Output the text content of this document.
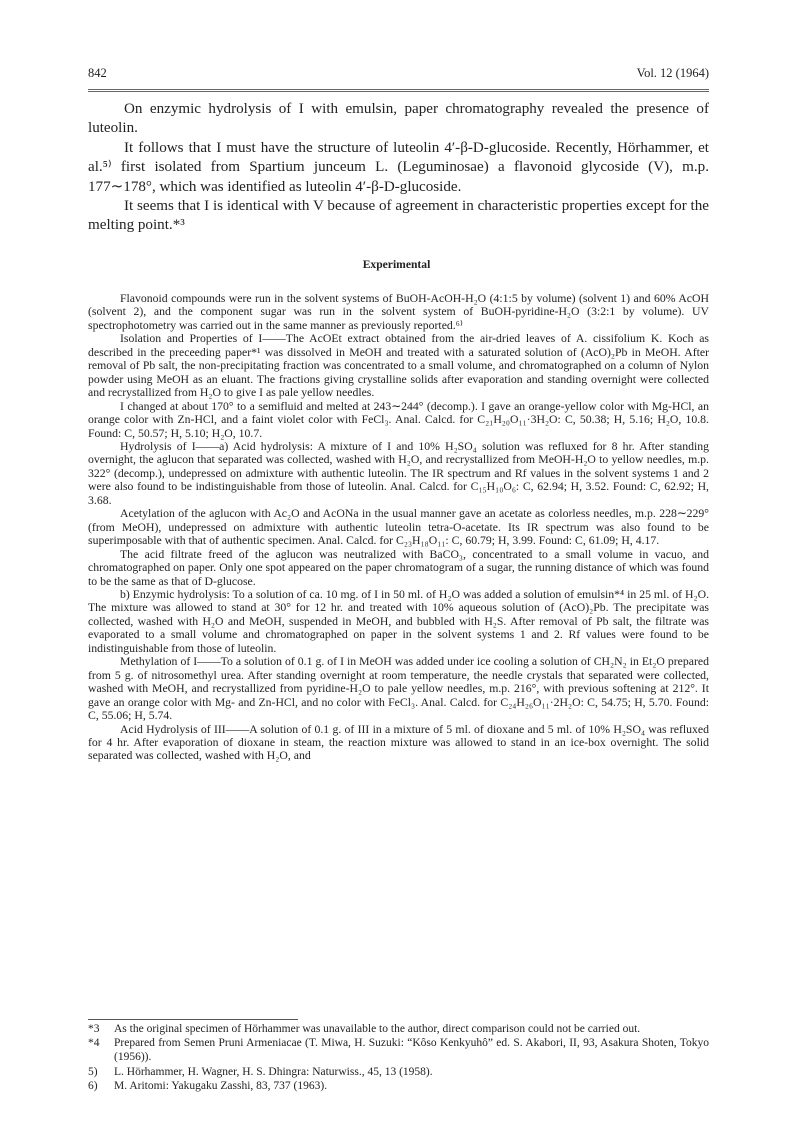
842	Vol. 12 (1964)

On enzymic hydrolysis of I with emulsin, paper chromatography revealed the presence of luteolin.

It follows that I must have the structure of luteolin 4′-β-D-glucoside. Recently, Hörhammer, et al.⁵⁾ first isolated from Spartium junceum L. (Leguminosae) a flavonoid glycoside (V), m.p. 177∼178°, which was identified as luteolin 4′-β-D-glucoside.

It seems that I is identical with V because of agreement in characteristic properties except for the melting point.*³

Experimental

Flavonoid compounds were run in the solvent systems of BuOH-AcOH-H₂O (4:1:5 by volume) (solvent 1) and 60% AcOH (solvent 2), and the component sugar was run in the solvent system of BuOH-pyridine-H₂O (3:2:1 by volume). UV spectrophotometry was carried out in the same manner as previously reported.⁶⁾

Isolation and Properties of I——The AcOEt extract obtained from the air-dried leaves of A. cissifolium K. Koch as described in the preceeding paper*¹ was dissolved in MeOH and treated with a saturated solution of (AcO)₂Pb in MeOH. After removal of Pb salt, the non-precipitating fraction was concentrated to a small volume, and chromatographed on a column of Nylon powder using MeOH as an eluant. The fractions giving crystalline solids after evaporation and standing overnight were collected and recrystallized from H₂O to give I as pale yellow needles.

I changed at about 170° to a semifluid and melted at 243∼244° (decomp.). I gave an orange-yellow color with Mg-HCl, an orange color with Zn-HCl, and a faint violet color with FeCl₃. Anal. Calcd. for C₂₁H₂₀O₁₁·3H₂O: C, 50.38; H, 5.16; H₂O, 10.8. Found: C, 50.57; H, 5.10; H₂O, 10.7.

Hydrolysis of I——a) Acid hydrolysis: A mixture of I and 10% H₂SO₄ solution was refluxed for 8 hr. After standing overnight, the aglucon that separated was collected, washed with H₂O, and recrystallized from MeOH-H₂O to yellow needles, m.p. 322° (decomp.), undepressed on admixture with authentic luteolin. The IR spectrum and Rf values in the solvent systems 1 and 2 were also found to be indistinguishable from those of luteolin. Anal. Calcd. for C₁₅H₁₀O₆: C, 62.94; H, 3.52. Found: C, 62.92; H, 3.68.

Acetylation of the aglucon with Ac₂O and AcONa in the usual manner gave an acetate as colorless needles, m.p. 228∼229° (from MeOH), undepressed on admixture with authentic luteolin tetra-O-acetate. Its IR spectrum was also found to be superimposable with that of authentic specimen. Anal. Calcd. for C₂₃H₁₈O₁₁: C, 60.79; H, 3.99. Found: C, 61.09; H, 4.17.

The acid filtrate freed of the aglucon was neutralized with BaCO₃, concentrated to a small volume in vacuo, and chromatographed on paper. Only one spot appeared on the paper chromatogram of a sugar, the running distance of which was found to be the same as that of D-glucose.

b) Enzymic hydrolysis: To a solution of ca. 10 mg. of I in 50 ml. of H₂O was added a solution of emulsin*⁴ in 25 ml. of H₂O. The mixture was allowed to stand at 30° for 12 hr. and treated with 10% aqueous solution of (AcO)₂Pb. The precipitate was collected, washed with H₂O and MeOH, suspended in MeOH, and bubbled with H₂S. After removal of Pb salt, the filtrate was evaporated to a small volume and chromatographed on paper in the solvent systems 1 and 2. Rf values were found to be indistinguishable from those of luteolin.

Methylation of I——To a solution of 0.1 g. of I in MeOH was added under ice cooling a solution of CH₂N₂ in Et₂O prepared from 5 g. of nitrosomethyl urea. After standing overnight at room temperature, the needle crystals that separated were collected, washed with MeOH, and recrystallized from pyridine-H₂O to pale yellow needles, m.p. 216°, with previous softening at 212°. It gave an orange color with Mg- and Zn-HCl, and no color with FeCl₃. Anal. Calcd. for C₂₄H₂₆O₁₁·2H₂O: C, 54.75; H, 5.70. Found: C, 55.06; H, 5.74.

Acid Hydrolysis of III——A solution of 0.1 g. of III in a mixture of 5 ml. of dioxane and 5 ml. of 10% H₂SO₄ was refluxed for 4 hr. After evaporation of dioxane in steam, the reaction mixture was allowed to stand in an ice-box overnight. The solid separated was collected, washed with H₂O, and

*3 As the original specimen of Hörhammer was unavailable to the author, direct comparison could not be carried out.
*4 Prepared from Semen Pruni Armeniacae (T. Miwa, H. Suzuki: “Kôso Kenkyuhô” ed. S. Akabori, II, 93, Asakura Shoten, Tokyo (1956)).
5) L. Hörhammer, H. Wagner, H. S. Dhingra: Naturwiss., 45, 13 (1958).
6) M. Aritomi: Yakugaku Zasshi, 83, 737 (1963).
